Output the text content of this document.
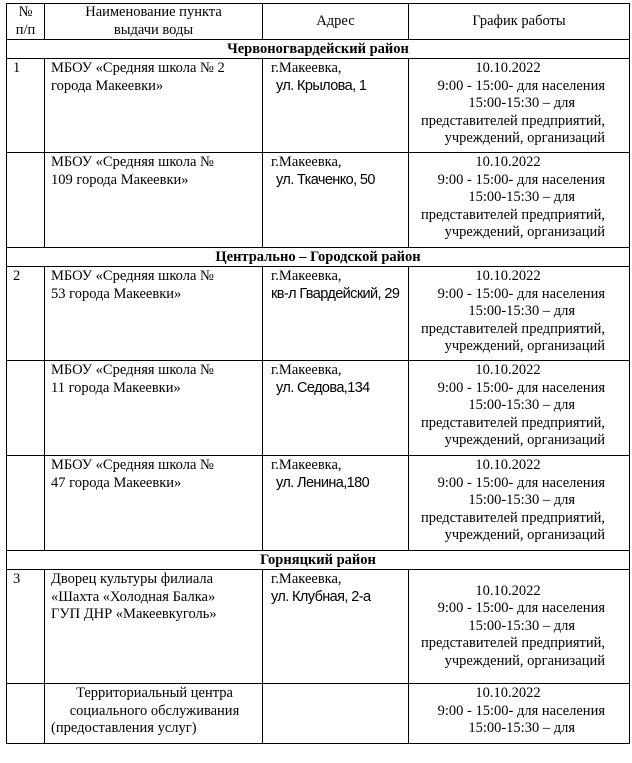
№
п/п	Наименование пункта
выдачи воды	Адрес	График работы
Червоногвардейский район			
1	МБОУ «Средняя школа № 2
города Макеевки»	г.Макеевка,
ул. Крылова, 1	10.10.2022
9:00 - 15:00- для населения
15:00-15:30 – для
представителей предприятий,
учреждений, организаций

	МБОУ «Средняя школа №
109 города Макеевки»	г.Макеевка,
ул. Ткаченко, 50	10.10.2022
9:00 - 15:00- для населения
15:00-15:30 – для
представителей предприятий,
учреждений, организаций

Центрально – Городской район			
2	МБОУ «Средняя школа №
53 города Макеевки»	г.Макеевка,
кв-л Гвардейский, 29	10.10.2022
9:00 - 15:00- для населения
15:00-15:30 – для
представителей предприятий,
учреждений, организаций

	МБОУ «Средняя школа №
11 города Макеевки»	г.Макеевка,
ул. Седова,134	10.10.2022
9:00 - 15:00- для населения
15:00-15:30 – для
представителей предприятий,
учреждений, организаций

	МБОУ «Средняя школа №
47 города Макеевки»	г.Макеевка,
ул. Ленина,180	10.10.2022
9:00 - 15:00- для населения
15:00-15:30 – для
представителей предприятий,
учреждений, организаций

Горняцкий район			
3	Дворец культуры филиала
«Шахта «Холодная Балка»
ГУП ДНР «Макеевкуголь»	г.Макеевка,
ул. Клубная, 2-а	10.10.2022
9:00 - 15:00- для населения
15:00-15:30 – для
представителей предприятий,
учреждений, организаций

	Территориальный центра
социального обслуживания
(предоставления услуг)		10.10.2022
9:00 - 15:00- для населения
15:00-15:30 – для
